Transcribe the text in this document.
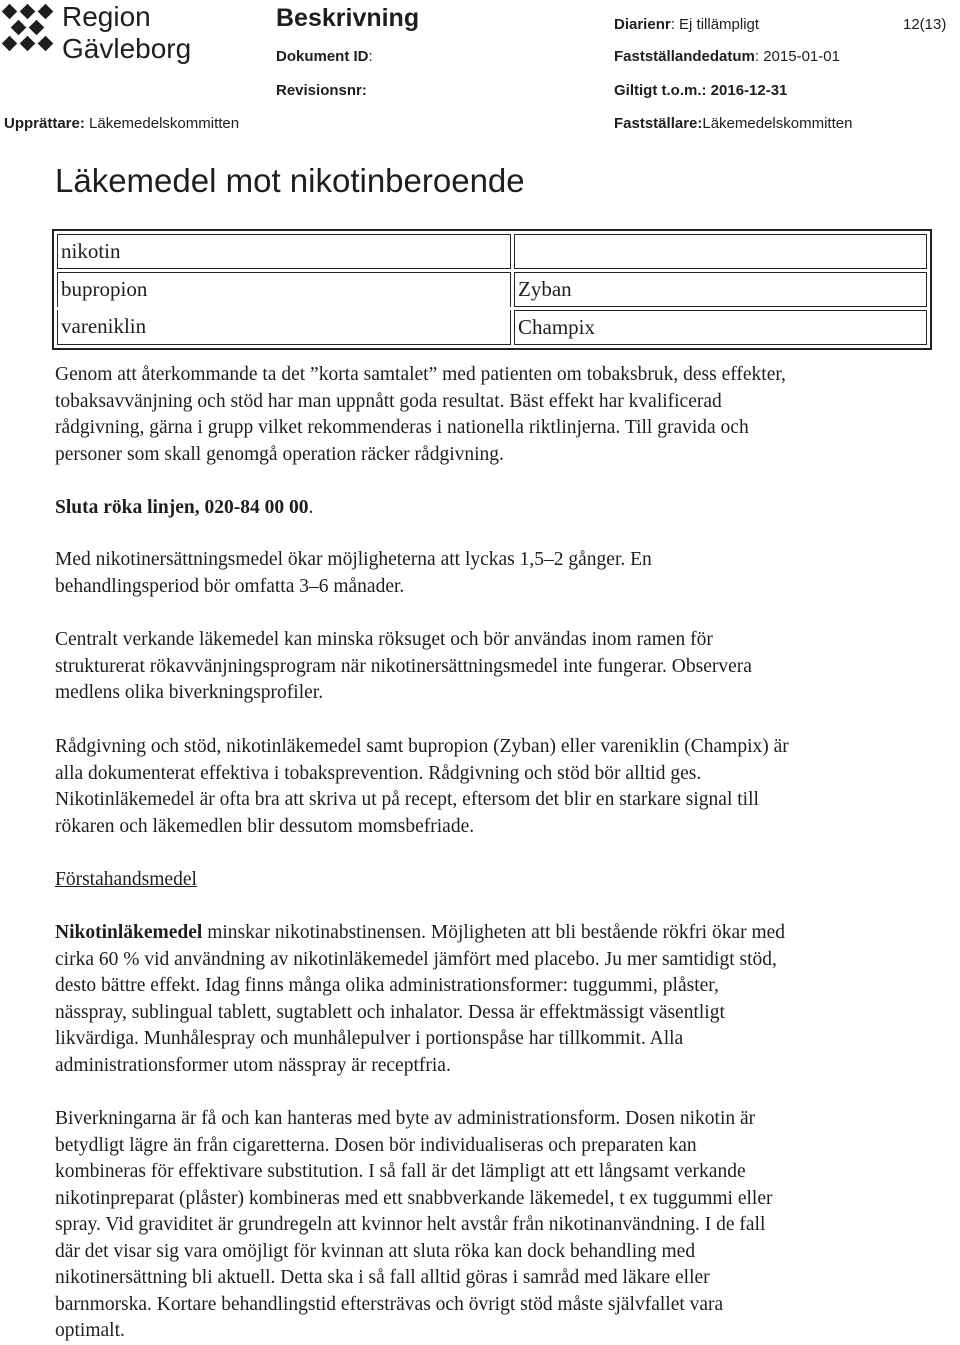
Region
Gävleborg
Beskrivning	Diarienr: Ej tillämpligt	12(13)
Dokument ID:	Fastställandedatum: 2015-01-01
Revisionsnr:	Giltigt t.o.m.: 2016-12-31
Upprättare: Läkemedelskommitten	Fastställare:Läkemedelskommitten
Läkemedel mot nikotinberoende
nikotin	
bupropion	Zyban
vareniklin	Champix

Genom att återkommande ta det ”korta samtalet” med patienten om tobaksbruk, dess effekter,

tobaksavvänjning och stöd har man uppnått goda resultat. Bäst effekt har kvalificerad

rådgivning, gärna i grupp vilket rekommenderas i nationella riktlinjerna. Till gravida och

personer som skall genomgå operation räcker rådgivning.

Sluta röka linjen, 020-84 00 00.

Med nikotinersättningsmedel ökar möjligheterna att lyckas 1,5–2 gånger. En

behandlingsperiod bör omfatta 3–6 månader.

Centralt verkande läkemedel kan minska röksuget och bör användas inom ramen för

strukturerat rökavvänjningsprogram när nikotinersättningsmedel inte fungerar. Observera

medlens olika biverkningsprofiler.

Rådgivning och stöd, nikotinläkemedel samt bupropion (Zyban) eller vareniklin (Champix) är

alla dokumenterat effektiva i tobaksprevention. Rådgivning och stöd bör alltid ges.

Nikotinläkemedel är ofta bra att skriva ut på recept, eftersom det blir en starkare signal till

rökaren och läkemedlen blir dessutom momsbefriade.

Förstahandsmedel

Nikotinläkemedel minskar nikotinabstinensen. Möjligheten att bli bestående rökfri ökar med

cirka 60 % vid användning av nikotinläkemedel jämfört med placebo. Ju mer samtidigt stöd,

desto bättre effekt. Idag finns många olika administrationsformer: tuggummi, plåster,

nässpray, sublingual tablett, sugtablett och inhalator. Dessa är effektmässigt väsentligt

likvärdiga. Munhålespray och munhålepulver i portionspåse har tillkommit. Alla

administrationsformer utom nässpray är receptfria.

Biverkningarna är få och kan hanteras med byte av administrationsform. Dosen nikotin är

betydligt lägre än från cigaretterna. Dosen bör individualiseras och preparaten kan

kombineras för effektivare substitution. I så fall är det lämpligt att ett långsamt verkande

nikotinpreparat (plåster) kombineras med ett snabbverkande läkemedel, t ex tuggummi eller

spray. Vid graviditet är grundregeln att kvinnor helt avstår från nikotinanvändning. I de fall

där det visar sig vara omöjligt för kvinnan att sluta röka kan dock behandling med

nikotinersättning bli aktuell. Detta ska i så fall alltid göras i samråd med läkare eller

barnmorska. Kortare behandlingstid eftersträvas och övrigt stöd måste självfallet vara

optimalt.
